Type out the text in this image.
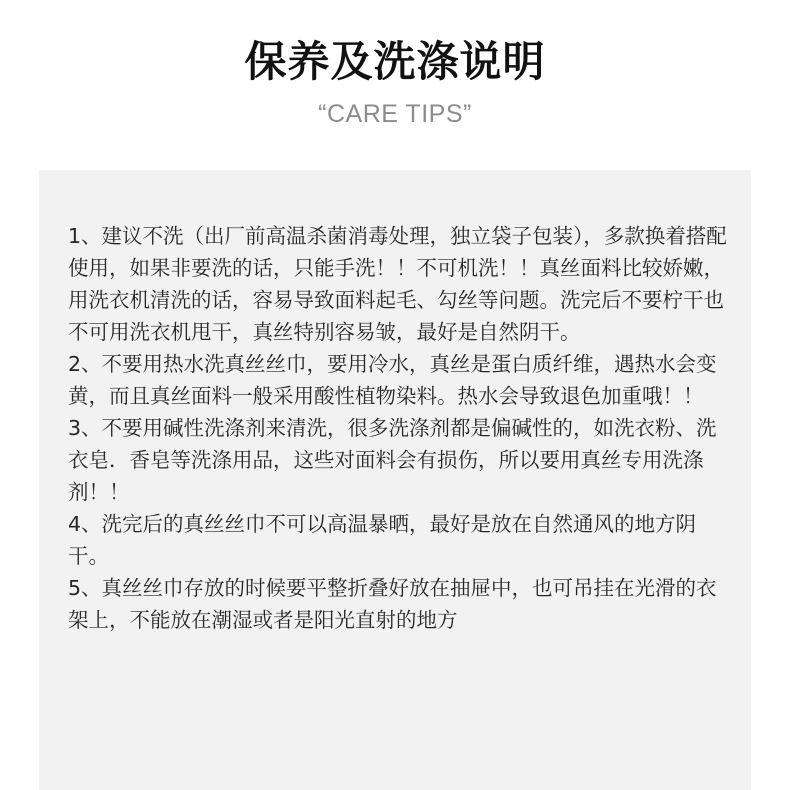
保养及洗涤说明
“CARE TIPS”

1、建议不洗（出厂前高温杀菌消毒处理，独立袋子包装），多款换着搭配使用，如果非要洗的话，只能手洗！！不可机洗！！真丝面料比较娇嫩，用洗衣机清洗的话，容易导致面料起毛、勾丝等问题。洗完后不要柠干也不可用洗衣机甩干，真丝特别容易皱，最好是自然阴干。

2、不要用热水洗真丝丝巾，要用冷水，真丝是蛋白质纤维，遇热水会变黄，而且真丝面料一般采用酸性植物染料。热水会导致退色加重哦！！

3、不要用碱性洗涤剂来清洗，很多洗涤剂都是偏碱性的，如洗衣粉、洗衣皂．香皂等洗涤用品，这些对面料会有损伤，所以要用真丝专用洗涤剂！！

4、洗完后的真丝丝巾不可以高温暴晒，最好是放在自然通风的地方阴干。

5、真丝丝巾存放的时候要平整折叠好放在抽屉中，也可吊挂在光滑的衣架上，不能放在潮湿或者是阳光直射的地方
